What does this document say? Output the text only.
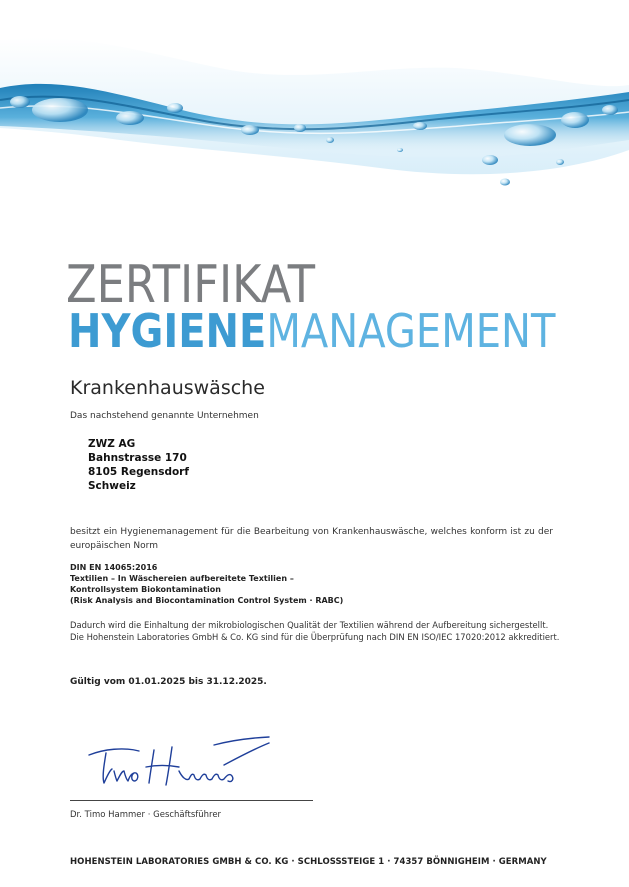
ZERTIFIKAT
HYGIENEMANAGEMENT
Krankenhauswäsche
Das nachstehend genannte Unternehmen
ZWZ AG
Bahnstrasse 170
8105 Regensdorf
Schweiz
besitzt ein Hygienemanagement für die Bearbeitung von Krankenhauswäsche, welches konform ist zu der europäischen Norm
DIN EN 14065:2016
Textilien – In Wäschereien aufbereitete Textilien –
Kontrollsystem Biokontamination
(Risk Analysis and Biocontamination Control System · RABC)
Dadurch wird die Einhaltung der mikrobiologischen Qualität der Textilien während der Aufbereitung sichergestellt.
Die Hohenstein Laboratories GmbH & Co. KG sind für die Überprüfung nach DIN EN ISO/IEC 17020:2012 akkreditiert.
Gültig vom 01.01.2025 bis 31.12.2025.
Dr. Timo Hammer · Geschäftsführer
HOHENSTEIN LABORATORIES GMBH & CO. KG · SCHLOSSSTEIGE 1 · 74357 BÖNNIGHEIM · GERMANY
